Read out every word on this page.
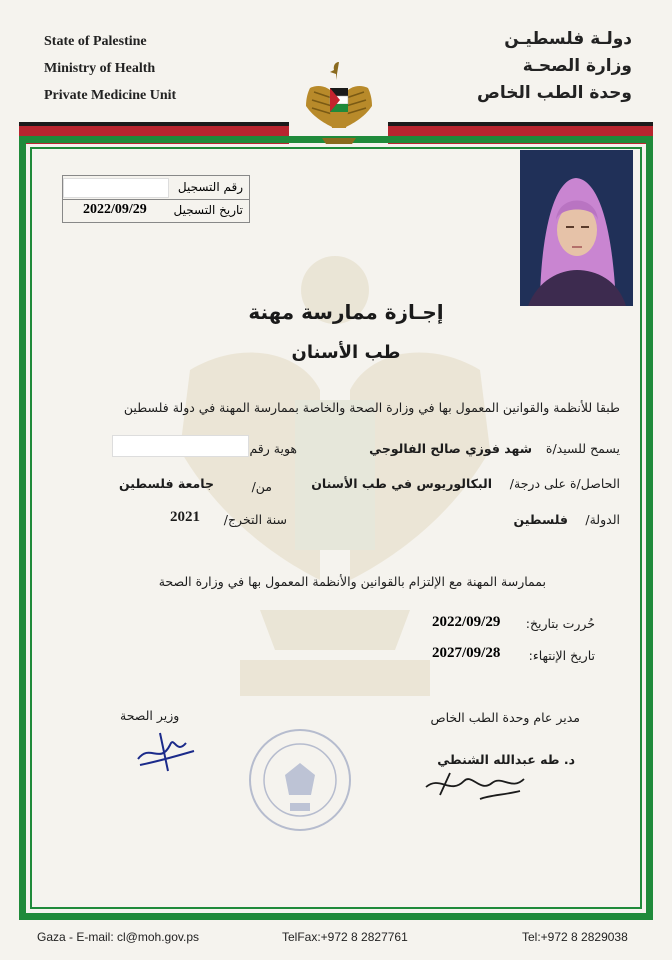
State of Palestine
Ministry of Health
Private Medicine Unit
دولـة فلسطيـن
وزارة الصحـة
وحدة الطب الخاص
رقم التسجيل
تاريخ التسجيل
2022/09/29
إجـازة ممارسة مهنة
طب الأسنان
طبقا للأنظمة والقوانين المعمول بها في وزارة الصحة والخاصة بممارسة المهنة في دولة فلسطين
يسمح للسيد/ة
شهد فوزي صالح الفالوجي
هوية رقم
الحاصل/ة على درجة/
البكالوريوس في طب الأسنان
من/
جامعة فلسطين
الدولة/
فلسطين
سنة التخرج/
2021
بممارسة المهنة مع الإلتزام بالقوانين والأنظمة المعمول بها في وزارة الصحة
حُررت بتاريخ:
2022/09/29
تاريخ الإنتهاء:
2027/09/28
مدير عام وحدة الطب الخاص
د. طه عبدالله الشنطي
وزير الصحة
Gaza - E-mail: cl@moh.gov.ps	TelFax:+972 8 2827761	Tel:+972 8 2829038
